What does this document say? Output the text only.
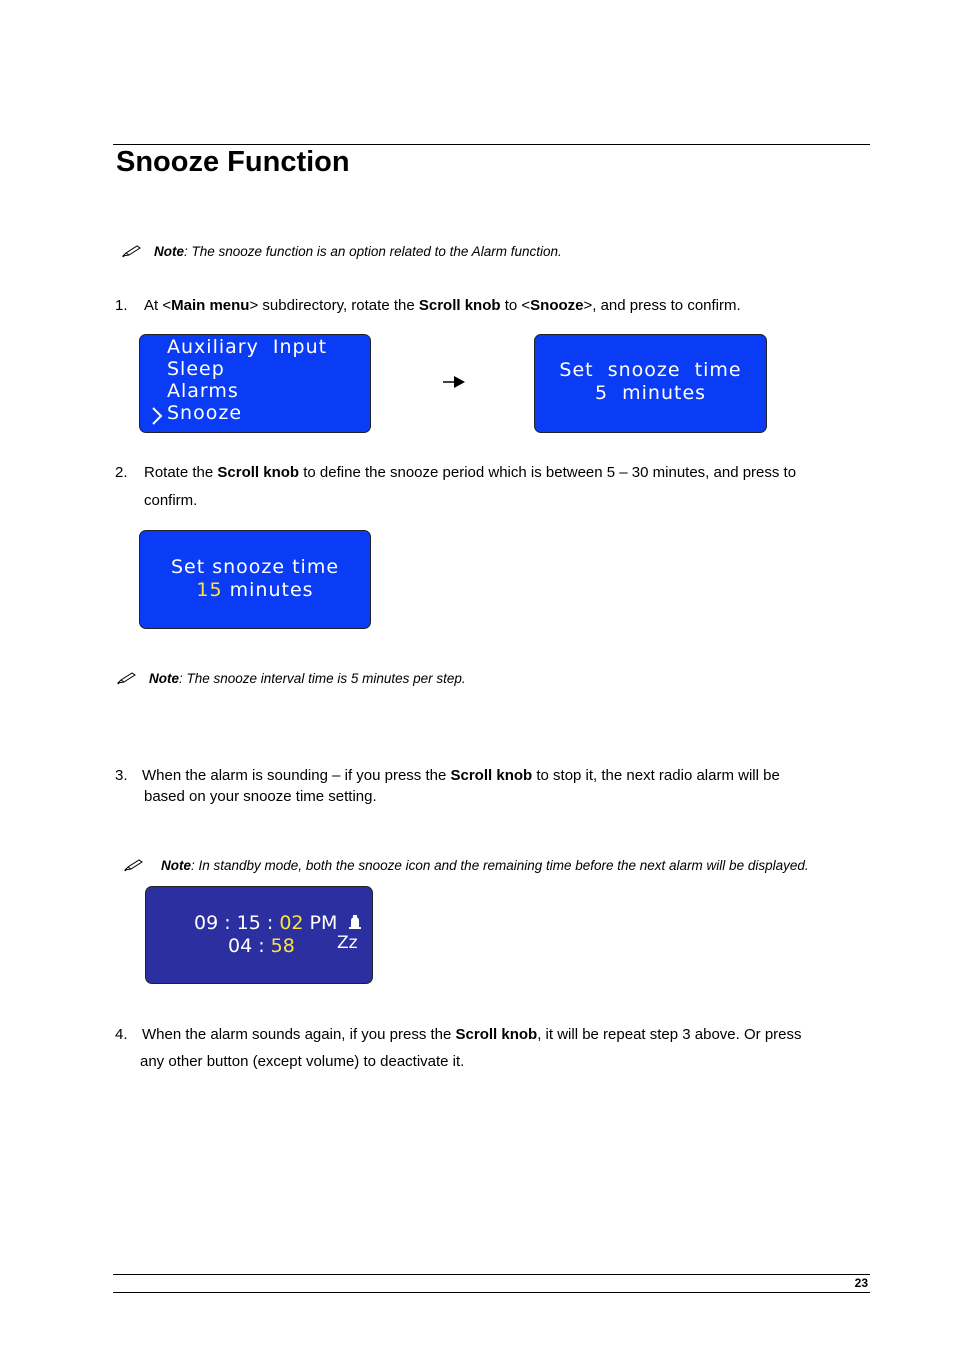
Snooze Function
Note: The snooze function is an option related to the Alarm function.
1. At <Main menu> subdirectory, rotate the Scroll knob to <Snooze>, and press to confirm.
Auxiliary  Input
Sleep
Alarms
Snooze
Set  snooze  time
5  minutes
2. Rotate the Scroll knob to define the snooze period which is between 5 – 30 minutes, and press to
confirm.
Set snooze time
15 minutes
Note: The snooze interval time is 5 minutes per step.
3. When the alarm is sounding – if you press the Scroll knob to stop it, the next radio alarm will be
based on your snooze time setting.
Note: In standby mode, both the snooze icon and the remaining time before the next alarm will be displayed.
09 : 15 : 02 PM
04 : 58 Zz
4. When the alarm sounds again, if you press the Scroll knob, it will be repeat step 3 above. Or press
any other button (except volume) to deactivate it.
23
